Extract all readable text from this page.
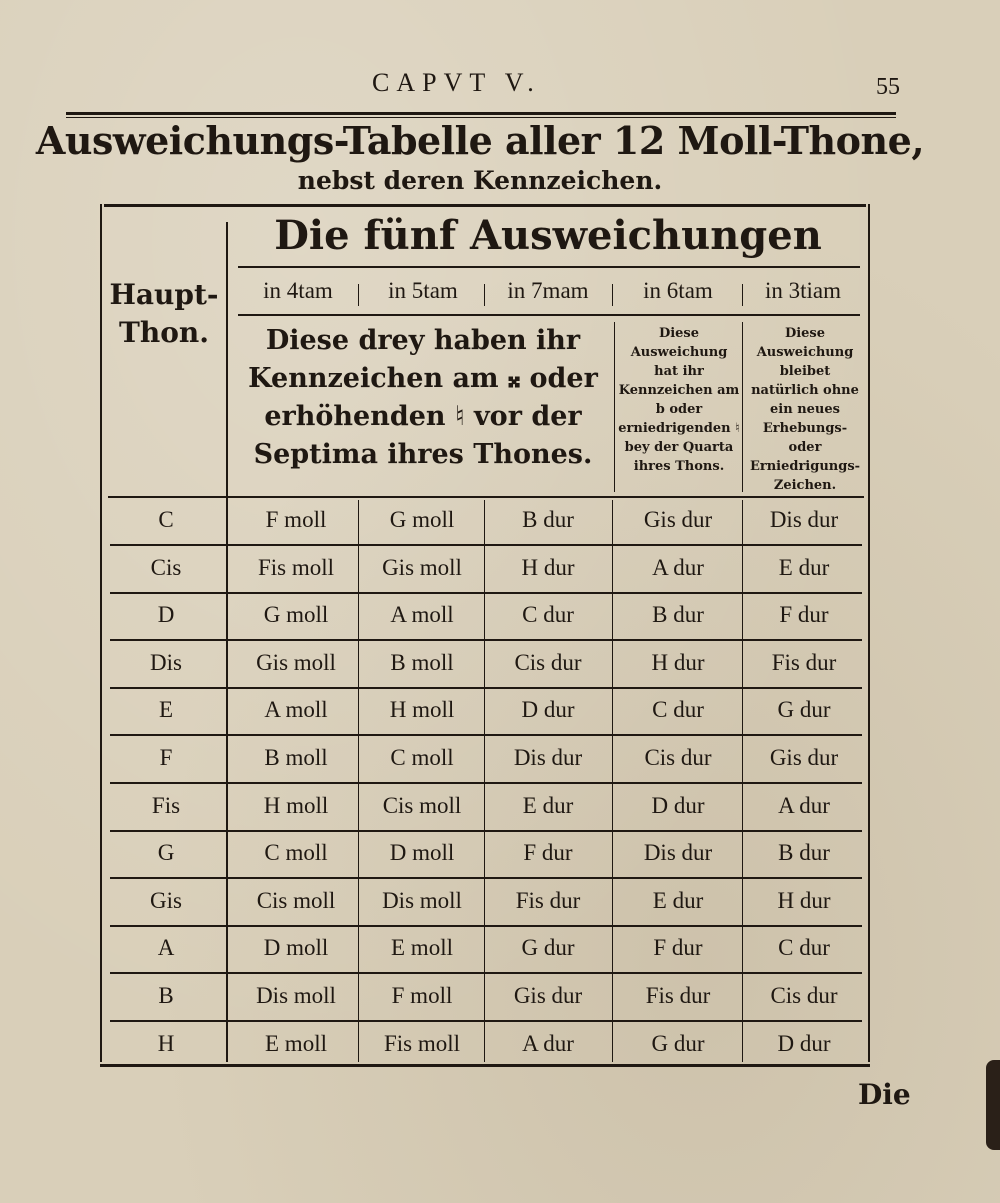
CAPVT V.	55
Ausweichungs-Tabelle aller 12 Moll-Thone,
nebst deren Kennzeichen.
Die fünf Ausweichungen
Haupt-Thon.
in 4tam	in 5tam	in 7mam	in 6tam	in 3tiam
Diese drey haben ihr Kennzeichen am 𝄪 oder erhöhenden ♮ vor der Septima ihres Thones.
Diese Ausweichung hat ihr Kennzeichen am b oder erniedrigenden ♮ bey der Quarta ihres Thons.
Diese Ausweichung bleibet natürlich ohne ein neues Erhebungs- oder Erniedrigungs-Zeichen.
C	F moll	G moll	B dur	Gis dur	Dis dur
Cis	Fis moll	Gis moll	H dur	A dur	E dur
D	G moll	A moll	C dur	B dur	F dur
Dis	Gis moll	B moll	Cis dur	H dur	Fis dur
E	A moll	H moll	D dur	C dur	G dur
F	B moll	C moll	Dis dur	Cis dur	Gis dur
Fis	H moll	Cis moll	E dur	D dur	A dur
G	C moll	D moll	F dur	Dis dur	B dur
Gis	Cis moll	Dis moll	Fis dur	E dur	H dur
A	D moll	E moll	G dur	F dur	C dur
B	Dis moll	F moll	Gis dur	Fis dur	Cis dur
H	E moll	Fis moll	A dur	G dur	D dur
Die
